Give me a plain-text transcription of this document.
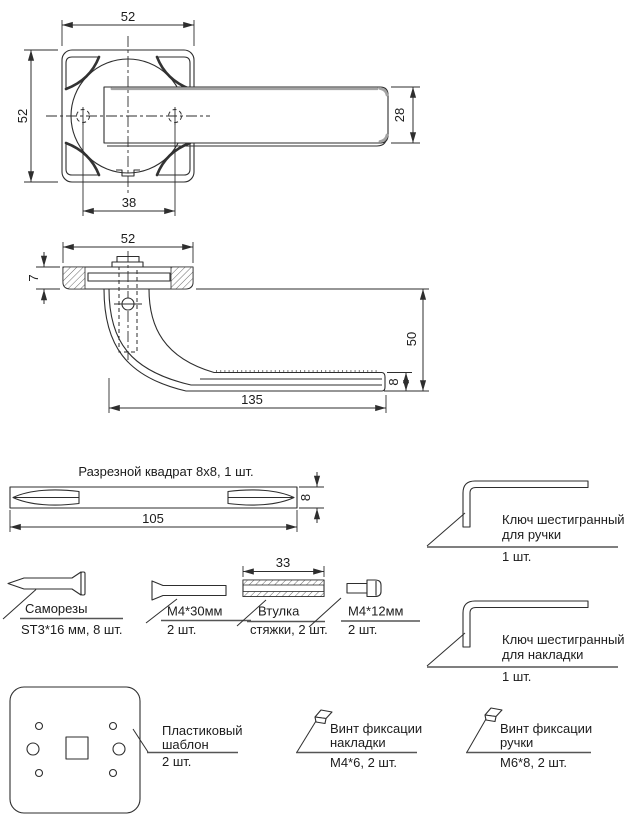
52
52
38
28
52
7
50
8
135
Разрезной квадрат 8x8, 1 шт.
8
105
Саморезы
ST3*16 мм, 8 шт.
М4*30мм
2 шт.
33
Втулка
стяжки, 2 шт.
М4*12мм
2 шт.
Ключ шестигранный
для ручки
1 шт.
Ключ шестигранный
для накладки
1 шт.
Пластиковый
шаблон
2 шт.
Винт фиксации
накладки
М4*6, 2 шт.
Винт фиксации
ручки
М6*8, 2 шт.
